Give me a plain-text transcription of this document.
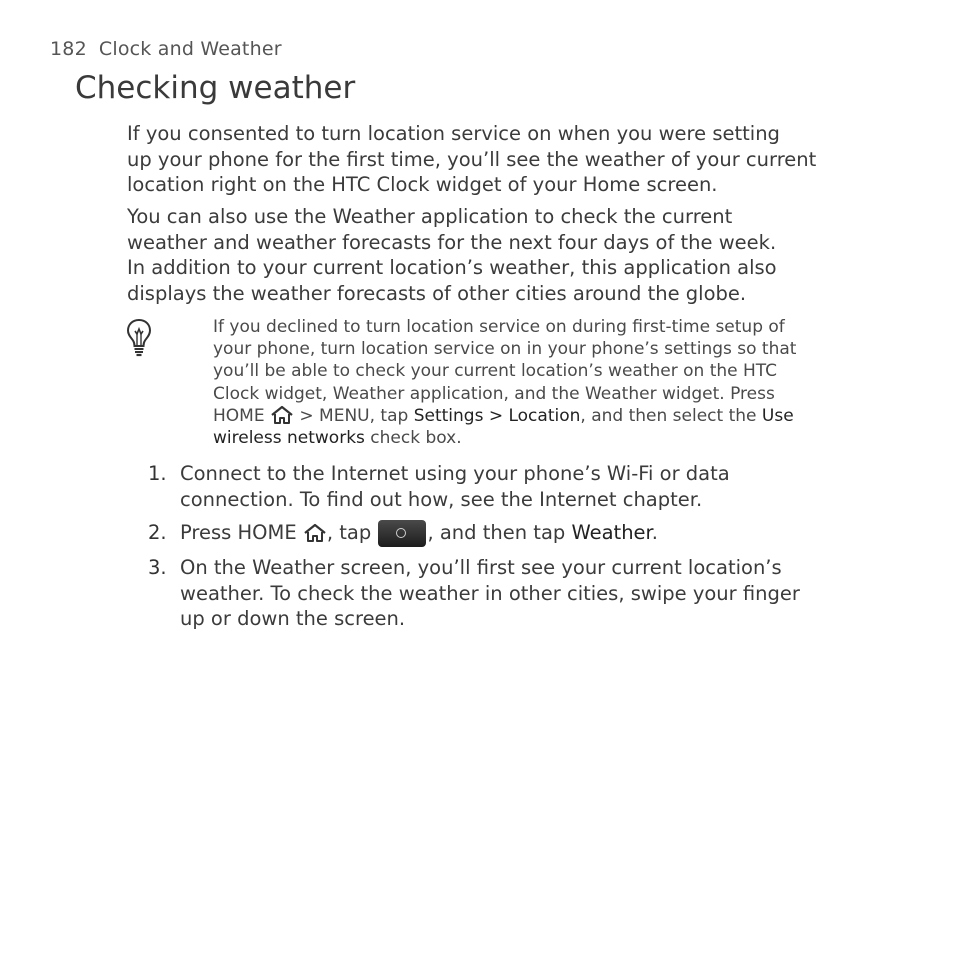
182 Clock and Weather
Checking weather

If you consented to turn location service on when you were setting
up your phone for the first time, you’ll see the weather of your current
location right on the HTC Clock widget of your Home screen.

You can also use the Weather application to check the current
weather and weather forecasts for the next four days of the week.
In addition to your current location’s weather, this application also
displays the weather forecasts of other cities around the globe.

If you declined to turn location service on during first-time setup of
your phone, turn location service on in your phone’s settings so that
you’ll be able to check your current location’s weather on the HTC
Clock widget, Weather application, and the Weather widget. Press
HOME  > MENU, tap Settings > Location, and then select the Use
wireless networks check box.

1. Connect to the Internet using your phone’s Wi-Fi or data
connection. To find out how, see the Internet chapter.
2. Press HOME , tap	, and then tap Weather.
3. On the Weather screen, you’ll first see your current location’s
weather. To check the weather in other cities, swipe your finger
up or down the screen.
